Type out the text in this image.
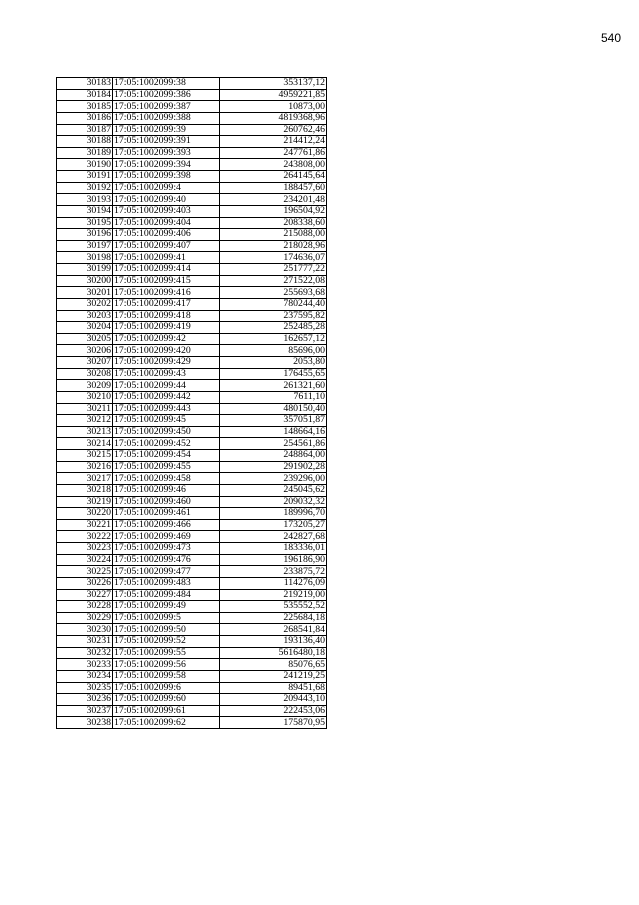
540
30183	17:05:1002099:38	353137,12
30184	17:05:1002099:386	4959221,85
30185	17:05:1002099:387	10873,00
30186	17:05:1002099:388	4819368,96
30187	17:05:1002099:39	260762,46
30188	17:05:1002099:391	214412,24
30189	17:05:1002099:393	247761,86
30190	17:05:1002099:394	243808,00
30191	17:05:1002099:398	264145,64
30192	17:05:1002099:4	188457,60
30193	17:05:1002099:40	234201,48
30194	17:05:1002099:403	196504,92
30195	17:05:1002099:404	208338,60
30196	17:05:1002099:406	215088,00
30197	17:05:1002099:407	218028,96
30198	17:05:1002099:41	174636,07
30199	17:05:1002099:414	251777,22
30200	17:05:1002099:415	271522,08
30201	17:05:1002099:416	255693,68
30202	17:05:1002099:417	780244,40
30203	17:05:1002099:418	237595,82
30204	17:05:1002099:419	252485,28
30205	17:05:1002099:42	162657,12
30206	17:05:1002099:420	85696,00
30207	17:05:1002099:429	2053,80
30208	17:05:1002099:43	176455,65
30209	17:05:1002099:44	261321,60
30210	17:05:1002099:442	7611,10
30211	17:05:1002099:443	480150,40
30212	17:05:1002099:45	357051,87
30213	17:05:1002099:450	148664,16
30214	17:05:1002099:452	254561,86
30215	17:05:1002099:454	248864,00
30216	17:05:1002099:455	291902,28
30217	17:05:1002099:458	239296,00
30218	17:05:1002099:46	245045,62
30219	17:05:1002099:460	209032,32
30220	17:05:1002099:461	189996,70
30221	17:05:1002099:466	173205,27
30222	17:05:1002099:469	242827,68
30223	17:05:1002099:473	183336,01
30224	17:05:1002099:476	196186,90
30225	17:05:1002099:477	233875,72
30226	17:05:1002099:483	114276,09
30227	17:05:1002099:484	219219,00
30228	17:05:1002099:49	535552,52
30229	17:05:1002099:5	225684,18
30230	17:05:1002099:50	268541,84
30231	17:05:1002099:52	193136,40
30232	17:05:1002099:55	5616480,18
30233	17:05:1002099:56	85076,65
30234	17:05:1002099:58	241219,25
30235	17:05:1002099:6	89451,68
30236	17:05:1002099:60	209443,10
30237	17:05:1002099:61	222453,06
30238	17:05:1002099:62	175870,95
